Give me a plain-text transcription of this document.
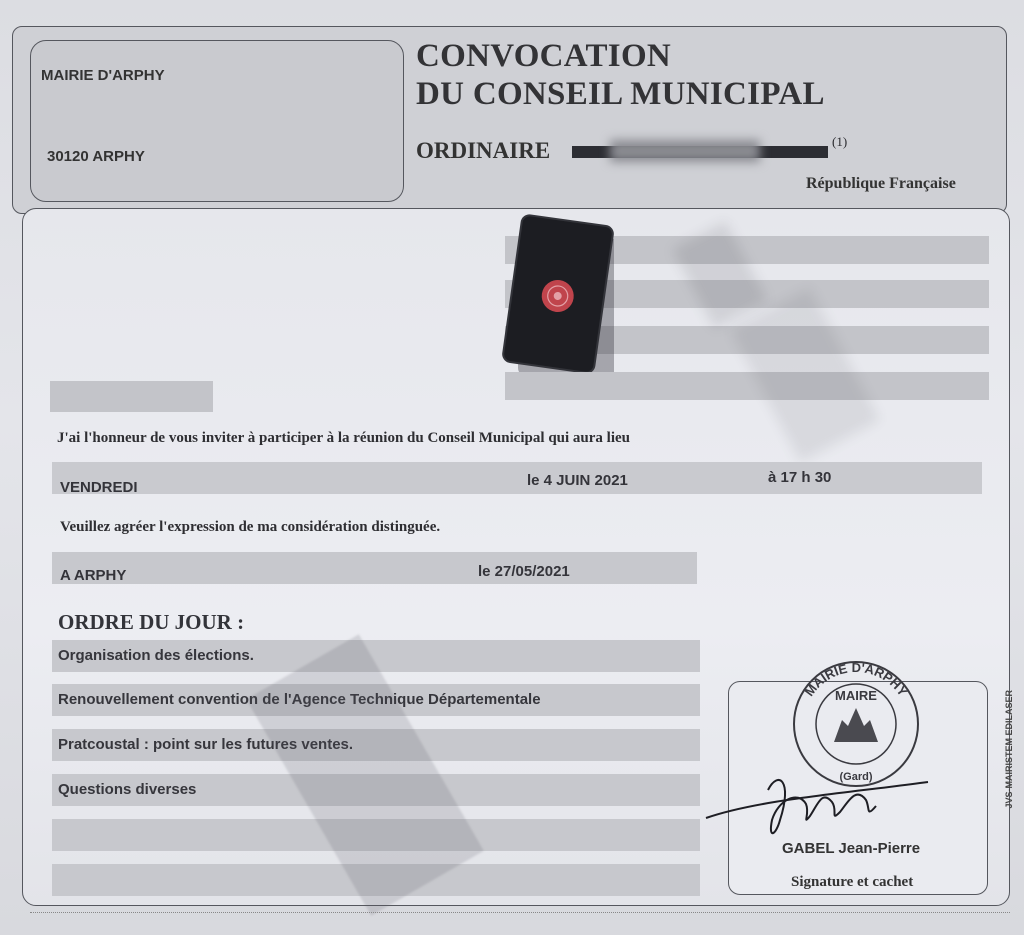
MAIRIE D'ARPHY
30120 ARPHY
CONVOCATION
DU CONSEIL MUNICIPAL
ORDINAIRE	(1)
République Française
J'ai l'honneur de vous inviter à participer à la réunion du Conseil Municipal qui aura lieu
VENDREDI	le 4 JUIN 2021	à 17 h 30
Veuillez agréer l'expression de ma considération distinguée.
A ARPHY	le 27/05/2021
ORDRE DU JOUR :
Organisation des élections.
Renouvellement convention de l'Agence Technique Départementale
Pratcoustal : point sur les futures ventes.
Questions diverses
MAIRIE D'ARPHY
MAIRE
(Gard)
GABEL Jean-Pierre
Signature et cachet
JVS-MAIRISTEM EDILASER
